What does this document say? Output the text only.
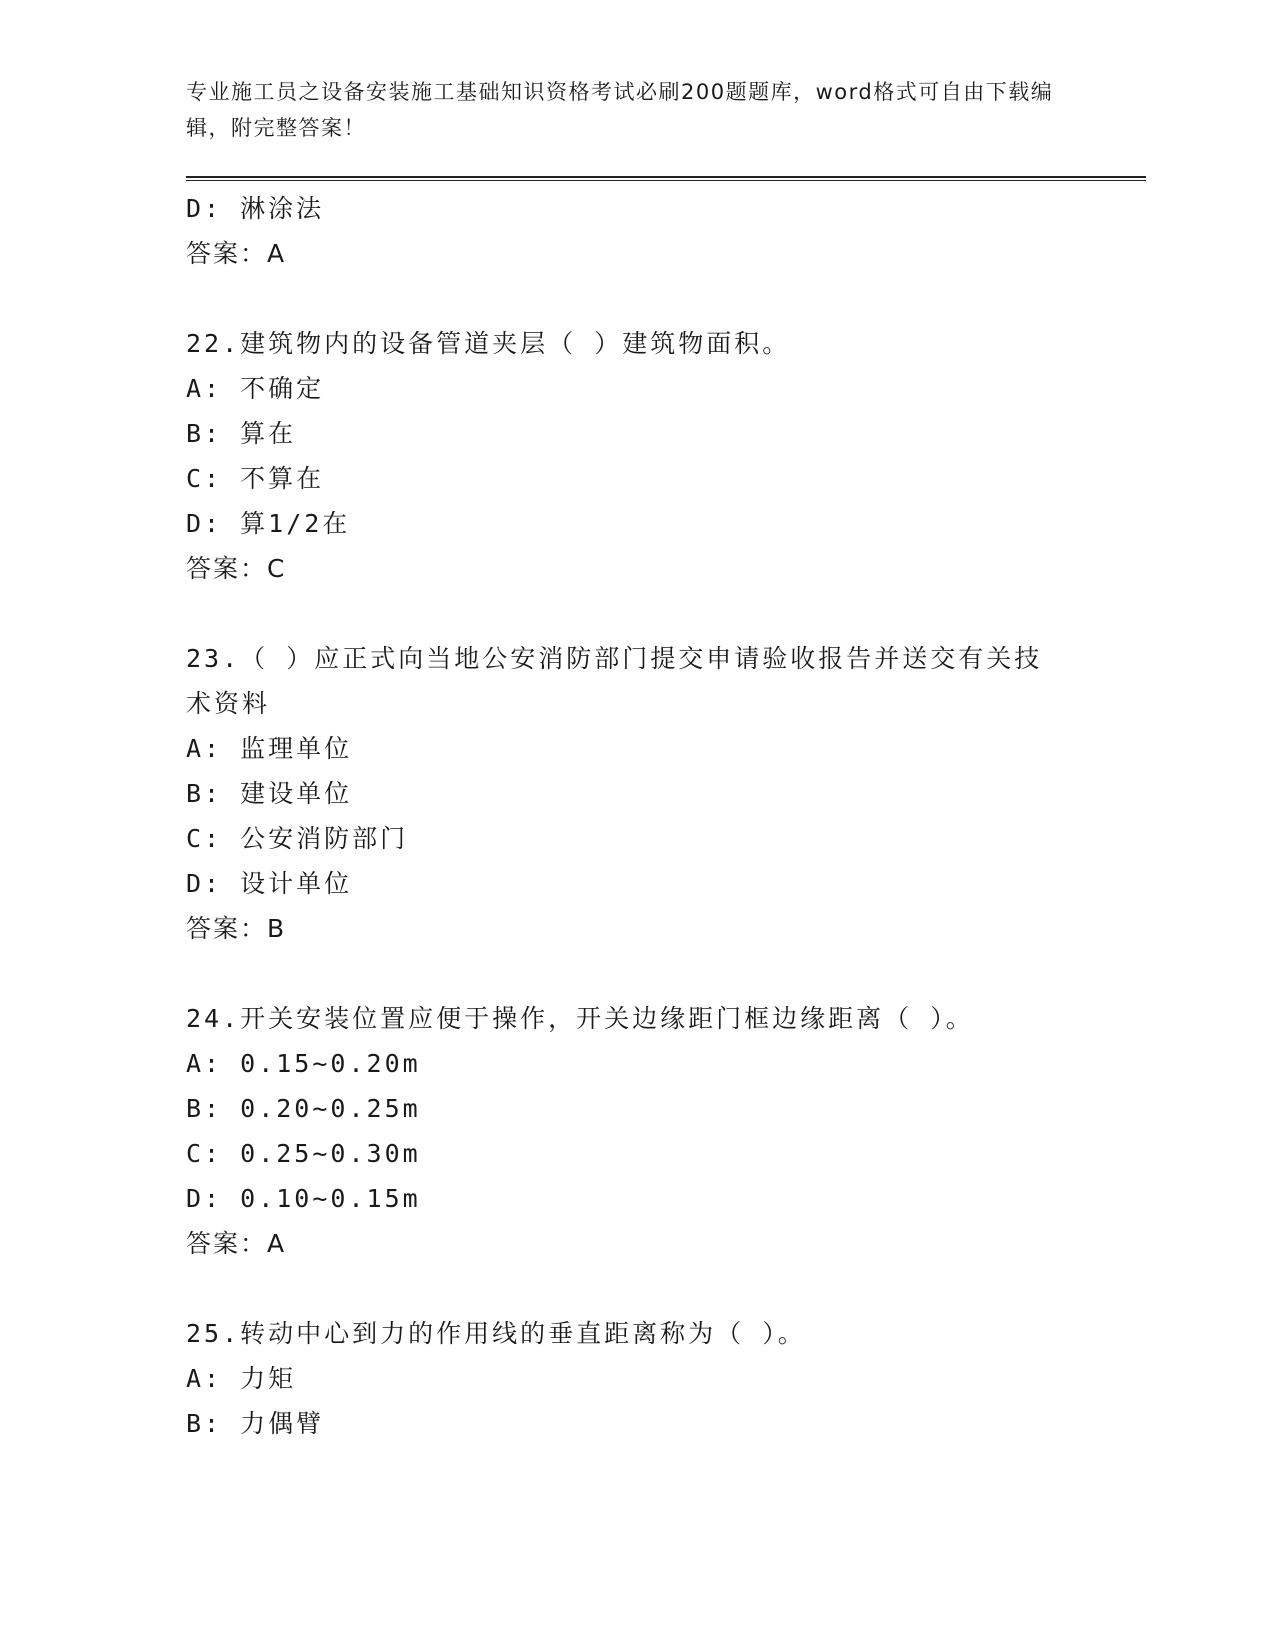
专业施工员之设备安装施工基础知识资格考试必刷200题题库，word格式可自由下载编辑，附完整答案！
D: 淋涂法
答案：A
22.建筑物内的设备管道夹层（ ）建筑物面积。
A: 不确定
B: 算在
C: 不算在
D: 算1/2在
答案：C
23.（ ）应正式向当地公安消防部门提交申请验收报告并送交有关技术资料
A: 监理单位
B: 建设单位
C: 公安消防部门
D: 设计单位
答案：B
24.开关安装位置应便于操作，开关边缘距门框边缘距离（ ）。
A: 0.15~0.20m
B: 0.20~0.25m
C: 0.25~0.30m
D: 0.10~0.15m
答案：A
25.转动中心到力的作用线的垂直距离称为（ ）。
A: 力矩
B: 力偶臂
